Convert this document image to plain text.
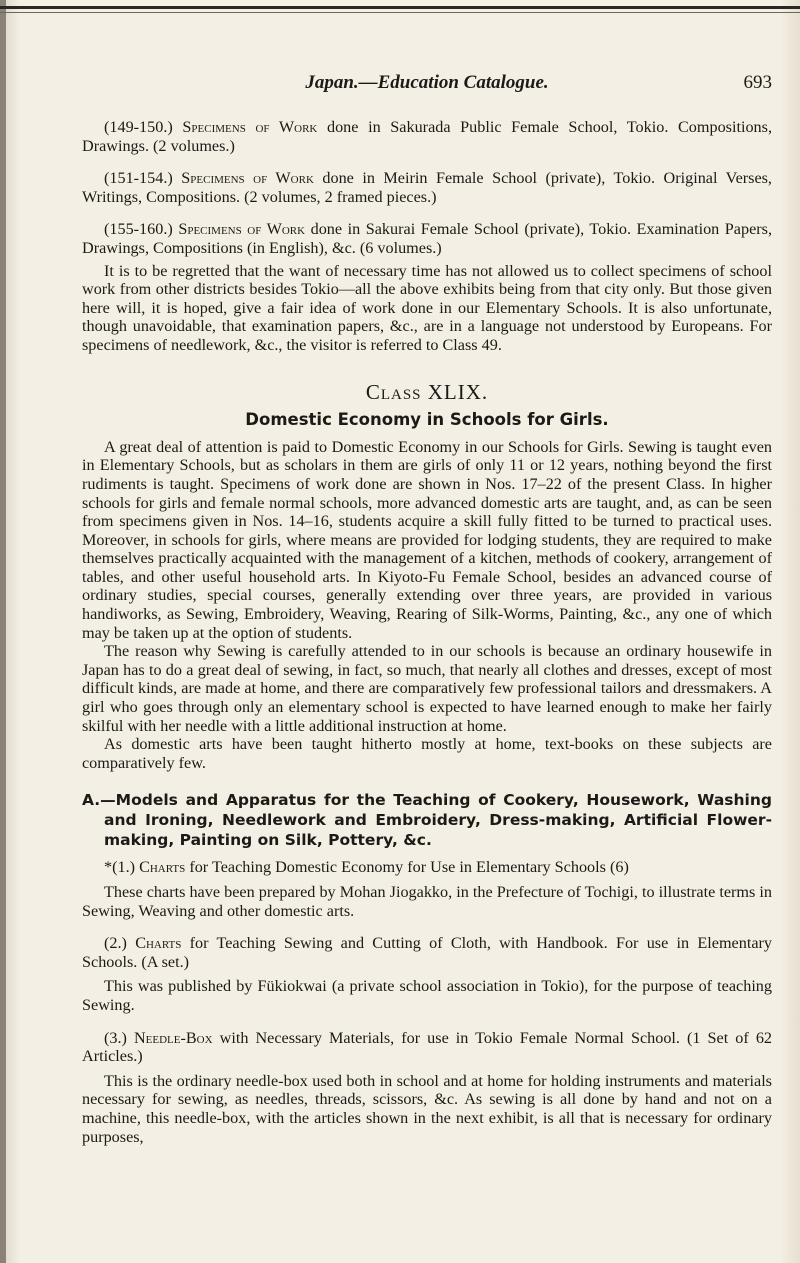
Japan.—Education Catalogue.	693

(149-150.) Specimens of Work done in Sakurada Public Female School, Tokio. Compositions, Drawings. (2 volumes.)

(151-154.) Specimens of Work done in Meirin Female School (private), Tokio. Original Verses, Writings, Compositions. (2 volumes, 2 framed pieces.)

(155-160.) Specimens of Work done in Sakurai Female School (private), Tokio. Examination Papers, Drawings, Compositions (in English), &c. (6 volumes.)

It is to be regretted that the want of necessary time has not allowed us to collect specimens of school work from other districts besides Tokio—all the above exhibits being from that city only. But those given here will, it is hoped, give a fair idea of work done in our Elementary Schools. It is also unfortunate, though unavoidable, that examination papers, &c., are in a language not understood by Europeans. For specimens of needlework, &c., the visitor is referred to Class 49.

Class XLIX.
Domestic Economy in Schools for Girls.

A great deal of attention is paid to Domestic Economy in our Schools for Girls. Sewing is taught even in Elementary Schools, but as scholars in them are girls of only 11 or 12 years, nothing beyond the first rudiments is taught. Specimens of work done are shown in Nos. 17–22 of the present Class. In higher schools for girls and female normal schools, more advanced domestic arts are taught, and, as can be seen from specimens given in Nos. 14–16, students acquire a skill fully fitted to be turned to practical uses. Moreover, in schools for girls, where means are provided for lodging students, they are required to make themselves practically acquainted with the management of a kitchen, methods of cookery, arrangement of tables, and other useful household arts. In Kiyoto-Fu Female School, besides an advanced course of ordinary studies, special courses, generally extending over three years, are provided in various handiworks, as Sewing, Embroidery, Weaving, Rearing of Silk-Worms, Painting, &c., any one of which may be taken up at the option of students.

The reason why Sewing is carefully attended to in our schools is because an ordinary housewife in Japan has to do a great deal of sewing, in fact, so much, that nearly all clothes and dresses, except of most difficult kinds, are made at home, and there are comparatively few professional tailors and dressmakers. A girl who goes through only an elementary school is expected to have learned enough to make her fairly skilful with her needle with a little additional instruction at home.

As domestic arts have been taught hitherto mostly at home, text-books on these subjects are comparatively few.

A.—Models and Apparatus for the Teaching of Cookery, Housework, Washing and Ironing, Needlework and Embroidery, Dress-making, Artificial Flower-making, Painting on Silk, Pottery, &c.

*(1.) Charts for Teaching Domestic Economy for Use in Elementary Schools (6)

These charts have been prepared by Mohan Jiogakko, in the Prefecture of Tochigi, to illustrate terms in Sewing, Weaving and other domestic arts.

(2.) Charts for Teaching Sewing and Cutting of Cloth, with Handbook. For use in Elementary Schools. (A set.)

This was published by Fükiokwai (a private school association in Tokio), for the purpose of teaching Sewing.

(3.) Needle-Box with Necessary Materials, for use in Tokio Female Normal School. (1 Set of 62 Articles.)

This is the ordinary needle-box used both in school and at home for holding instruments and materials necessary for sewing, as needles, threads, scissors, &c. As sewing is all done by hand and not on a machine, this needle-box, with the articles shown in the next exhibit, is all that is necessary for ordinary purposes,
